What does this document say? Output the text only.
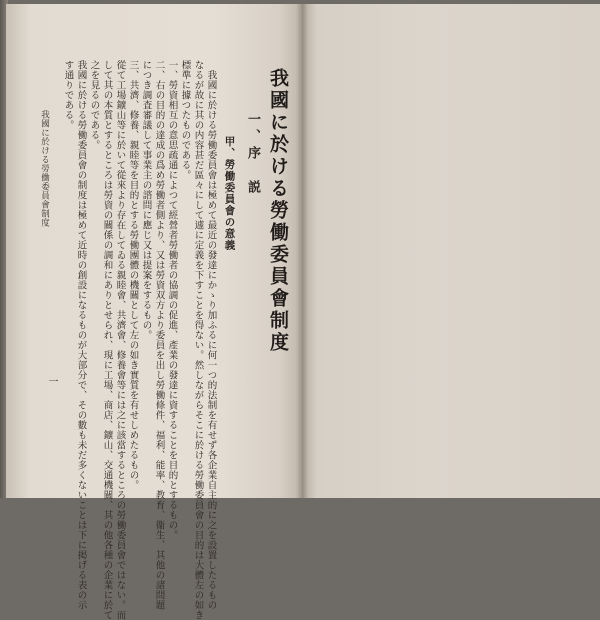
我國に於ける勞働委員會制度
一、序　説
甲、勞働委員會の意義
我國に於ける勞働委員會は極めて最近の發達にかゝり加ふるに何一つ的法制を有せず各企業自主的に之を設置したるもの
なるが故に其の内容甚だ區々にして遽に定義を下すことを得ない。然しながらそこに於ける勞働委員會の目的は大體左の如き
標準に據つたものである。
一、勞資相互の意思疏通によつて經營者勞働者の協調の促進、產業の發達に資することを目的とするもの。
二、右の目的の達成の爲め勞働者側より、又は勞資双方より委員を出し勞働條件、福利、能率、教育、衞生、其他の諸問題
につき調査審議して事業主の諮問に應じ又は提案をするもの。
三、共濟、修養、親睦等を目的とする勞働團體の機關として左の如き實質を有せしめたるもの。
從て工場鑛山等に於いて從來より存在してゐる親睦會、共濟會、修養會等には之に該當するところの勞働委員會ではない。而
して其の本質とするところは勞資の關係の調和にありとせられ、現に工場、商店、鑛山、交通機關、其の他各種の企業に於て
之を見るのである。
我國に於ける勞働委員會の制度は極めて近時の創設になるものが大部分で、その數も未だ多くないことは下に掲げる表の示
す通りである。
我國に於ける勞働委員會制度
一
